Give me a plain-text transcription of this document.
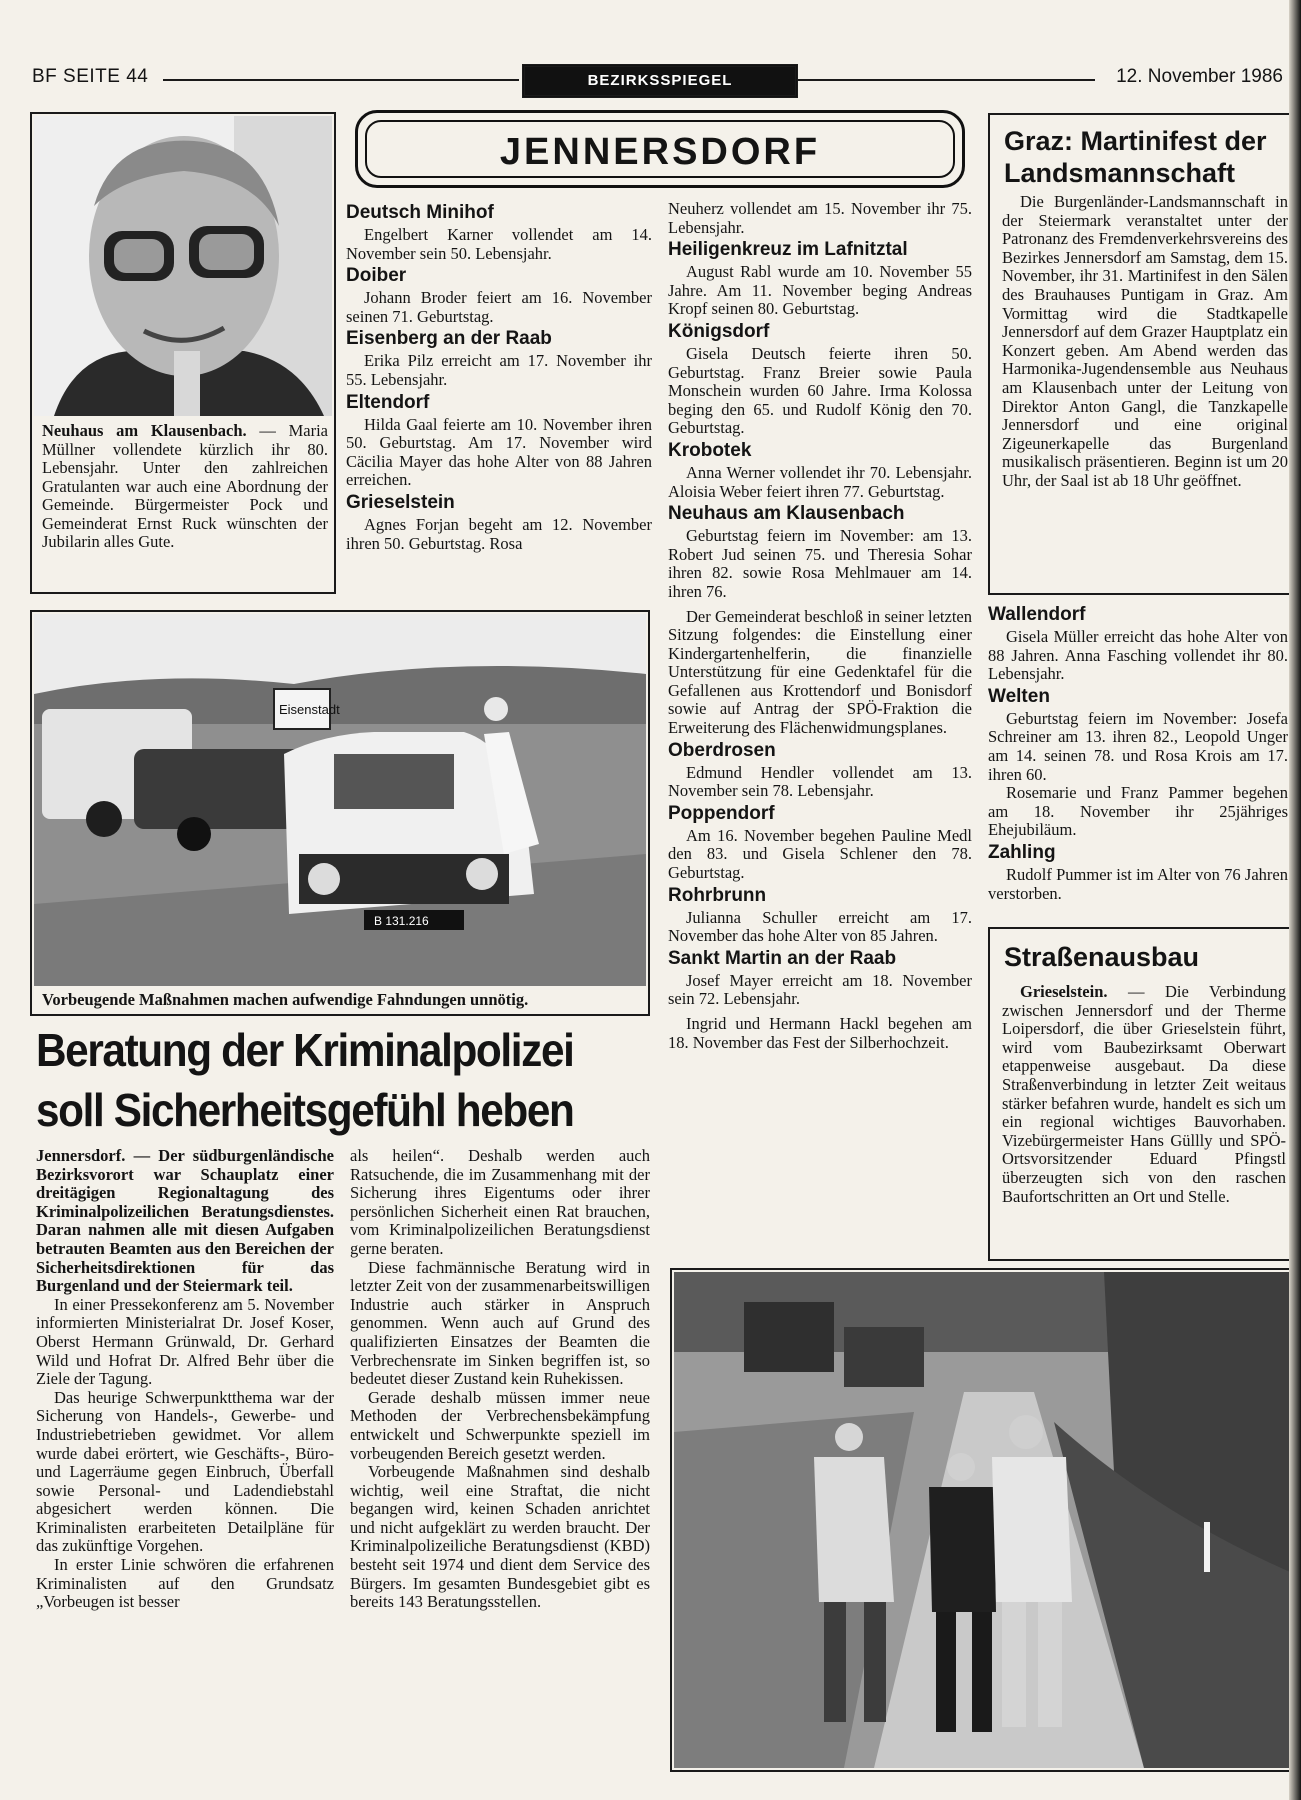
BF SEITE 44	BEZIRKSSPIEGEL	12. November 1986
Neuhaus am Klausenbach. — Maria Müllner vollendete kürzlich ihr 80. Lebensjahr. Unter den zahlreichen Gratulanten war auch eine Abordnung der Gemeinde. Bürgermeister Pock und Gemeinderat Ernst Ruck wünschten der Jubilarin alles Gute.
JENNERSDORF
Deutsch Minihof

Engelbert Karner vollendet am 14. November sein 50. Lebensjahr.

Doiber

Johann Broder feiert am 16. November seinen 71. Geburtstag.

Eisenberg an der Raab

Erika Pilz erreicht am 17. November ihr 55. Lebensjahr.

Eltendorf

Hilda Gaal feierte am 10. November ihren 50. Geburtstag. Am 17. November wird Cäcilia Mayer das hohe Alter von 88 Jahren erreichen.

Grieselstein

Agnes Forjan begeht am 12. November ihren 50. Geburtstag. Rosa

Neuherz vollendet am 15. November ihr 75. Lebensjahr.

Heiligenkreuz im Lafnitztal

August Rabl wurde am 10. November 55 Jahre. Am 11. November beging Andreas Kropf seinen 80. Geburtstag.

Königsdorf

Gisela Deutsch feierte ihren 50. Geburtstag. Franz Breier sowie Paula Monschein wurden 60 Jahre. Irma Kolossa beging den 65. und Rudolf König den 70. Geburtstag.

Krobotek

Anna Werner vollendet ihr 70. Lebensjahr. Aloisia Weber feiert ihren 77. Geburtstag.

Neuhaus am Klausenbach

Geburtstag feiern im November: am 13. Robert Jud seinen 75. und Theresia Sohar ihren 82. sowie Rosa Mehlmauer am 14. ihren 76.

Der Gemeinderat beschloß in seiner letzten Sitzung folgendes: die Einstellung einer Kindergartenhelferin, die finanzielle Unterstützung für eine Gedenktafel für die Gefallenen aus Krottendorf und Bonisdorf sowie auf Antrag der SPÖ-Fraktion die Erweiterung des Flächenwidmungsplanes.

Oberdrosen

Edmund Hendler vollendet am 13. November sein 78. Lebensjahr.

Poppendorf

Am 16. November begehen Pauline Medl den 83. und Gisela Schlener den 78. Geburtstag.

Rohrbrunn

Julianna Schuller erreicht am 17. November das hohe Alter von 85 Jahren.

Sankt Martin an der Raab

Josef Mayer erreicht am 18. November sein 72. Lebensjahr.

Ingrid und Hermann Hackl begehen am 18. November das Fest der Silberhochzeit.

Eisenstadt
B 131.216
Vorbeugende Maßnahmen machen aufwendige Fahndungen unnötig.
Beratung der Kriminalpolizei
soll Sicherheitsgefühl heben

Jennersdorf. — Der südburgenländische Bezirksvorort war Schauplatz einer dreitägigen Regionaltagung des Kriminalpolizeilichen Beratungsdienstes. Daran nahmen alle mit diesen Aufgaben betrauten Beamten aus den Bereichen der Sicherheitsdirektionen für das Burgenland und der Steiermark teil.

In einer Pressekonferenz am 5. November informierten Ministerialrat Dr. Josef Koser, Oberst Hermann Grünwald, Dr. Gerhard Wild und Hofrat Dr. Alfred Behr über die Ziele der Tagung.

Das heurige Schwerpunktthema war der Sicherung von Handels-, Gewerbe- und Industriebetrieben gewidmet. Vor allem wurde dabei erörtert, wie Geschäfts-, Büro- und Lagerräume gegen Einbruch, Überfall sowie Personal- und Ladendiebstahl abgesichert werden können. Die Kriminalisten erarbeiteten Detailpläne für das zukünftige Vorgehen.

In erster Linie schwören die erfahrenen Kriminalisten auf den Grundsatz „Vorbeugen ist besser

als heilen“. Deshalb werden auch Ratsuchende, die im Zusammenhang mit der Sicherung ihres Eigentums oder ihrer persönlichen Sicherheit einen Rat brauchen, vom Kriminalpolizeilichen Beratungsdienst gerne beraten.

Diese fachmännische Beratung wird in letzter Zeit von der zusammenarbeitswilligen Industrie auch stärker in Anspruch genommen. Wenn auch auf Grund des qualifizierten Einsatzes der Beamten die Verbrechensrate im Sinken begriffen ist, so bedeutet dieser Zustand kein Ruhekissen.

Gerade deshalb müssen immer neue Methoden der Verbrechensbekämpfung entwickelt und Schwerpunkte speziell im vorbeugenden Bereich gesetzt werden.

Vorbeugende Maßnahmen sind deshalb wichtig, weil eine Straftat, die nicht begangen wird, keinen Schaden anrichtet und nicht aufgeklärt zu werden braucht. Der Kriminalpolizeiliche Beratungsdienst (KBD) besteht seit 1974 und dient dem Service des Bürgers. Im gesamten Bundesgebiet gibt es bereits 143 Beratungsstellen.

Graz: Martinifest der Landsmannschaft

Die Burgenländer-Landsmannschaft in der Steiermark veranstaltet unter der Patronanz des Fremdenverkehrsvereins des Bezirkes Jennersdorf am Samstag, dem 15. November, ihr 31. Martinifest in den Sälen des Brauhauses Puntigam in Graz. Am Vormittag wird die Stadtkapelle Jennersdorf auf dem Grazer Hauptplatz ein Konzert geben. Am Abend werden das Harmonika-Jugendensemble aus Neuhaus am Klausenbach unter der Leitung von Direktor Anton Gangl, die Tanzkapelle Jennersdorf und eine original Zigeunerkapelle das Burgenland musikalisch präsentieren. Beginn ist um 20 Uhr, der Saal ist ab 18 Uhr geöffnet.

Wallendorf

Gisela Müller erreicht das hohe Alter von 88 Jahren. Anna Fasching vollendet ihr 80. Lebensjahr.

Welten

Geburtstag feiern im November: Josefa Schreiner am 13. ihren 82., Leopold Unger am 14. seinen 78. und Rosa Krois am 17. ihren 60.

Rosemarie und Franz Pammer begehen am 18. November ihr 25jähriges Ehejubiläum.

Zahling

Rudolf Pummer ist im Alter von 76 Jahren verstorben.

Straßenausbau

Grieselstein. — Die Verbindung zwischen Jennersdorf und der Therme Loipersdorf, die über Grieselstein führt, wird vom Baubezirksamt Oberwart etappenweise ausgebaut. Da diese Straßenverbindung in letzter Zeit weitaus stärker befahren wurde, handelt es sich um ein regional wichtiges Bauvorhaben. Vizebürgermeister Hans Güllly und SPÖ-Ortsvorsitzender Eduard Pfingstl überzeugten sich von den raschen Baufortschritten an Ort und Stelle.
